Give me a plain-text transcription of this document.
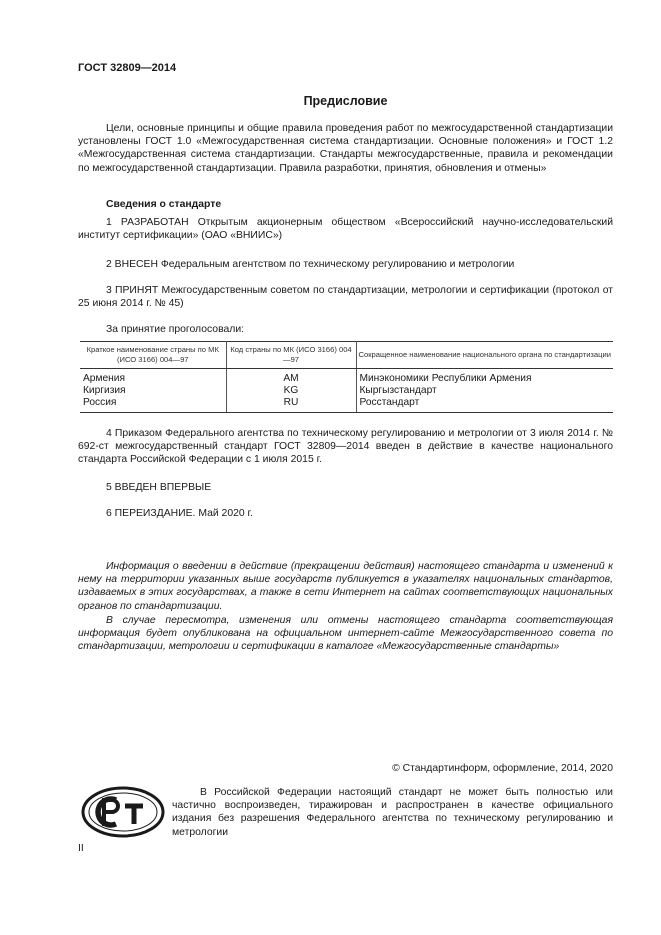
ГОСТ 32809—2014
Предисловие

Цели, основные принципы и общие правила проведения работ по межгосударственной стандартизации установлены ГОСТ 1.0 «Межгосударственная система стандартизации. Основные положения» и ГОСТ 1.2 «Межгосударственная система стандартизации. Стандарты межгосударственные, правила и рекомендации по межгосударственной стандартизации. Правила разработки, принятия, обновления и отмены»

Сведения о стандарте

1 РАЗРАБОТАН Открытым акционерным обществом «Всероссийский научно-исследовательский институт сертификации» (ОАО «ВНИИС»)

2 ВНЕСЕН Федеральным агентством по техническому регулированию и метрологии

3 ПРИНЯТ Межгосударственным советом по стандартизации, метрологии и сертификации (протокол от 25 июня 2014 г. № 45)

За принятие проголосовали:

Краткое наименование страны по МК (ИСО 3166) 004—97	Код страны по МК (ИСО 3166) 004—97	Сокращенное наименование национального органа по стандартизации
Армения	AM	Минэкономики Республики Армения
Киргизия	KG	Кыргызстандарт
Россия	RU	Росстандарт

4 Приказом Федерального агентства по техническому регулированию и метрологии от 3 июля 2014 г. № 692-ст межгосударственный стандарт ГОСТ 32809—2014 введен в действие в качестве национального стандарта Российской Федерации с 1 июля 2015 г.

5 ВВЕДЕН ВПЕРВЫЕ

6 ПЕРЕИЗДАНИЕ. Май 2020 г.

Информация о введении в действие (прекращении действия) настоящего стандарта и изменений к нему на территории указанных выше государств публикуется в указателях национальных стандартов, издаваемых в этих государствах, а также в сети Интернет на сайтах соответствующих национальных органов по стандартизации.

В случае пересмотра, изменения или отмены настоящего стандарта соответствующая информация будет опубликована на официальном интернет-сайте Межгосударственного совета по стандартизации, метрологии и сертификации в каталоге «Межгосударственные стандарты»

© Стандартинформ, оформление, 2014, 2020

В Российской Федерации настоящий стандарт не может быть полностью или частично воспроизведен, тиражирован и распространен в качестве официального издания без разрешения Федерального агентства по техническому регулированию и метрологии

II
